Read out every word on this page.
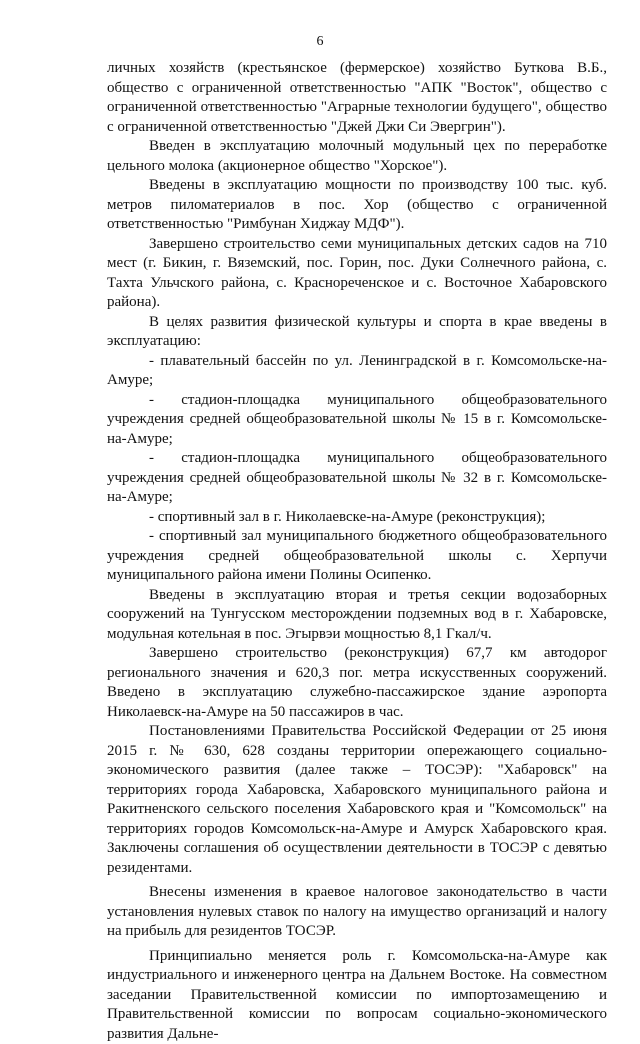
6

личных хозяйств (крестьянское (фермерское) хозяйство Буткова В.Б., общество с ограниченной ответственностью "АПК "Восток", общество с ограниченной ответственностью "Аграрные технологии будущего", общество с ограниченной ответственностью "Джей Джи Си Эвергрин").

Введен в эксплуатацию молочный модульный цех по переработке цельного молока (акционерное общество "Хорское").

Введены в эксплуатацию мощности по производству 100 тыс. куб. метров пиломатериалов в пос. Хор (общество с ограниченной ответственностью "Римбунан Хиджау МДФ").

Завершено строительство семи муниципальных детских садов на 710 мест (г. Бикин, г. Вяземский, пос. Горин, пос. Дуки Солнечного района, с. Тахта Ульчского района, с. Краснореченское и с. Восточное Хабаровского района).

В целях развития физической культуры и спорта в крае введены в эксплуатацию:

- плавательный бассейн по ул. Ленинградской в г. Комсомольске-на-Амуре;

- стадион-площадка муниципального общеобразовательного учреждения средней общеобразовательной школы № 15 в г. Комсомольске-на-Амуре;

- стадион-площадка муниципального общеобразовательного учреждения средней общеобразовательной школы № 32 в г. Комсомольске-на-Амуре;

- спортивный зал в г. Николаевске-на-Амуре (реконструкция);

- спортивный зал муниципального бюджетного общеобразовательного учреждения средней общеобразовательной школы с. Херпучи муниципального района имени Полины Осипенко.

Введены в эксплуатацию вторая и третья секции водозаборных сооружений на Тунгусском месторождении подземных вод в г. Хабаровске, модульная котельная в пос. Эгырвэи мощностью 8,1 Гкал/ч.

Завершено строительство (реконструкция) 67,7 км автодорог регионального значения и 620,3 пог. метра искусственных сооружений. Введено в эксплуатацию служебно-пассажирское здание аэропорта Николаевск-на-Амуре на 50 пассажиров в час.

Постановлениями Правительства Российской Федерации от 25 июня 2015 г. № 630, 628 созданы территории опережающего социально-экономического развития (далее также – ТОСЭР): "Хабаровск" на территориях города Хабаровска, Хабаровского муниципального района и Ракитненского сельского поселения Хабаровского края и "Комсомольск" на территориях городов Комсомольск-на-Амуре и Амурск Хабаровского края. Заключены соглашения об осуществлении деятельности в ТОСЭР с девятью резидентами.

Внесены изменения в краевое налоговое законодательство в части установления нулевых ставок по налогу на имущество организаций и налогу на прибыль для резидентов ТОСЭР.

Принципиально меняется роль г. Комсомольска-на-Амуре как индустриального и инженерного центра на Дальнем Востоке. На совместном заседании Правительственной комиссии по импортозамещению и Правительственной комиссии по вопросам социально-экономического развития Дальне-
